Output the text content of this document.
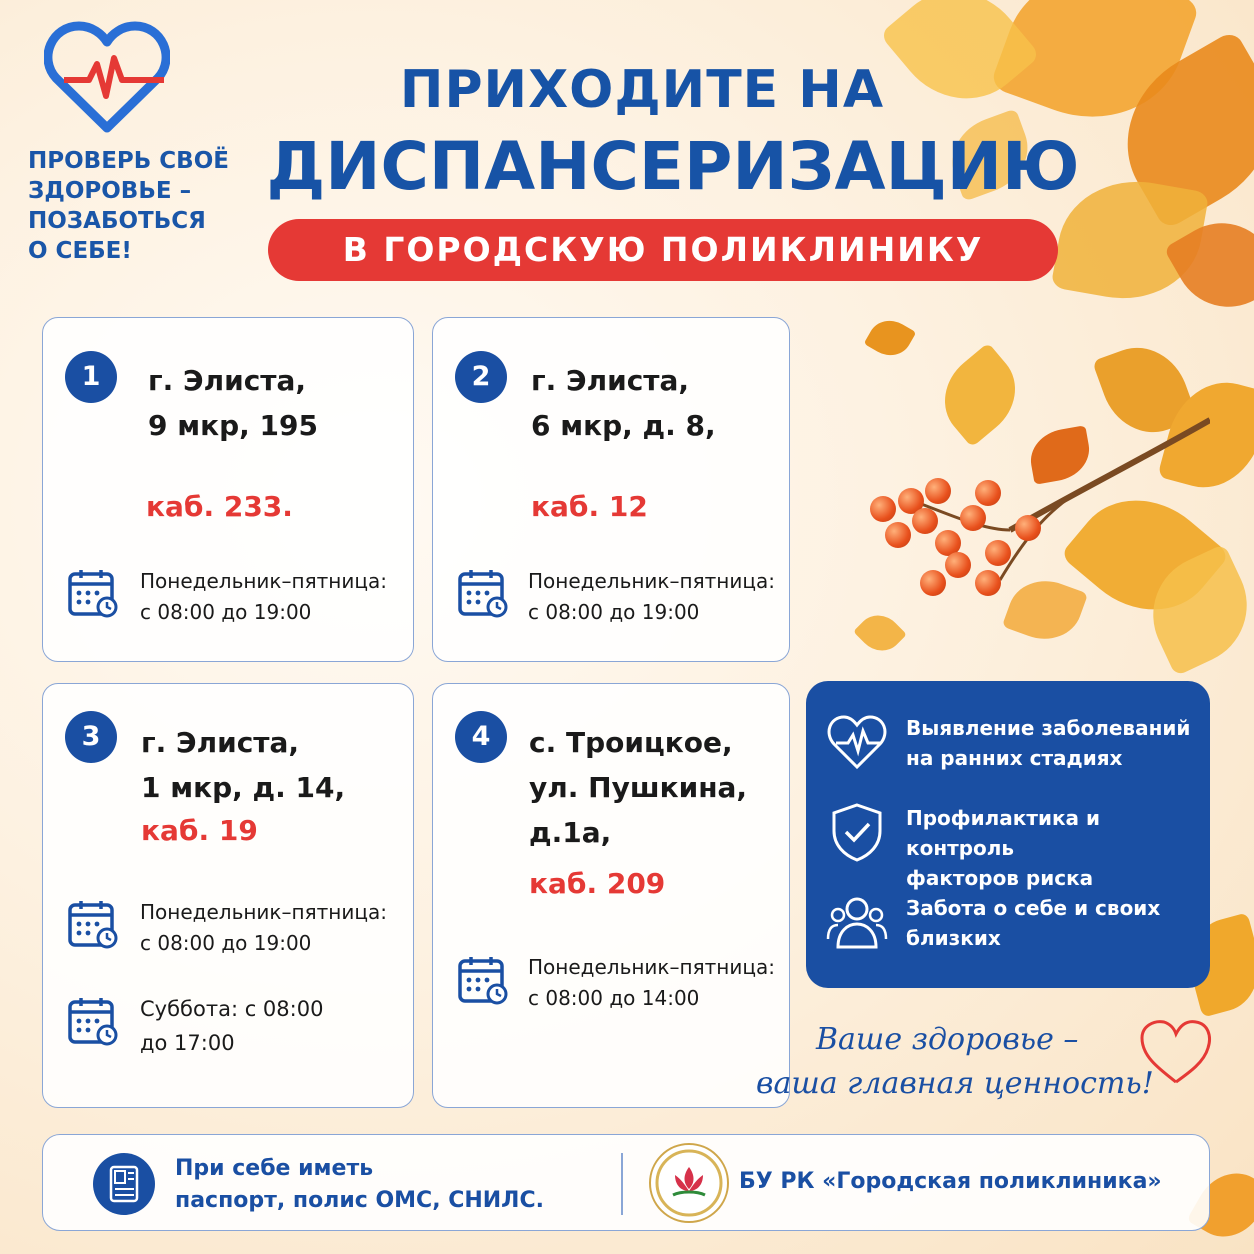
ПРОВЕРЬ СВОЁ
ЗДОРОВЬЕ –
ПОЗАБОТЬСЯ
О СЕБЕ!
ПРИХОДИТЕ НА
ДИСПАНСЕРИЗАЦИЮ
В ГОРОДСКУЮ ПОЛИКЛИНИКУ
1	г. Элиста,
9 мкр, 195
каб. 233.
Понедельник–пятница:
с 08:00 до 19:00
2	г. Элиста,
6 мкр, д. 8,
каб. 12
Понедельник–пятница:
с 08:00 до 19:00
3	г. Элиста,
1 мкр, д. 14,
каб. 19
Понедельник–пятница:
с 08:00 до 19:00
Суббота: с 08:00
до 17:00
4	с. Троицкое,
ул. Пушкина,
д.1а,
каб. 209
Понедельник–пятница:
с 08:00 до 14:00
Выявление заболеваний
на ранних стадиях
Профилактика и контроль
факторов риска
Забота о себе и своих
близких
Ваше здоровье –
ваша главная ценность!
При себе иметь
паспорт, полис ОМС, СНИЛС.
БУ РК «Городская поликлиника»
